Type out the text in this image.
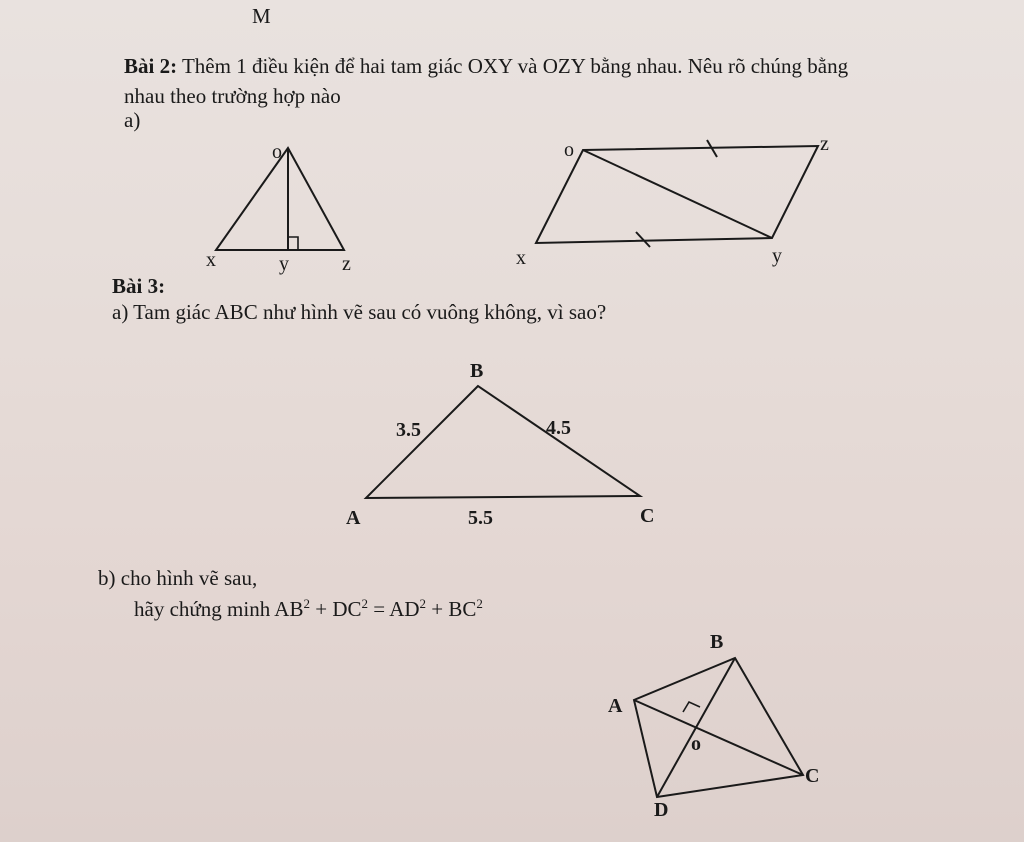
M
Bài 2: Thêm 1 điều kiện để hai tam giác OXY và OZY bằng nhau. Nêu rõ chúng bằng
nhau theo trường hợp nào
a)
Bài 3:
a) Tam giác ABC như hình vẽ sau có vuông không, vì sao?
b) cho hình vẽ sau,
hãy chứng minh $AB^2 + DC^2 = AD^2 + BC^2$
o
x	y	z
o	z
x	y
B
A	C
3.5	4.5
5.5
B
A
C
D
o
